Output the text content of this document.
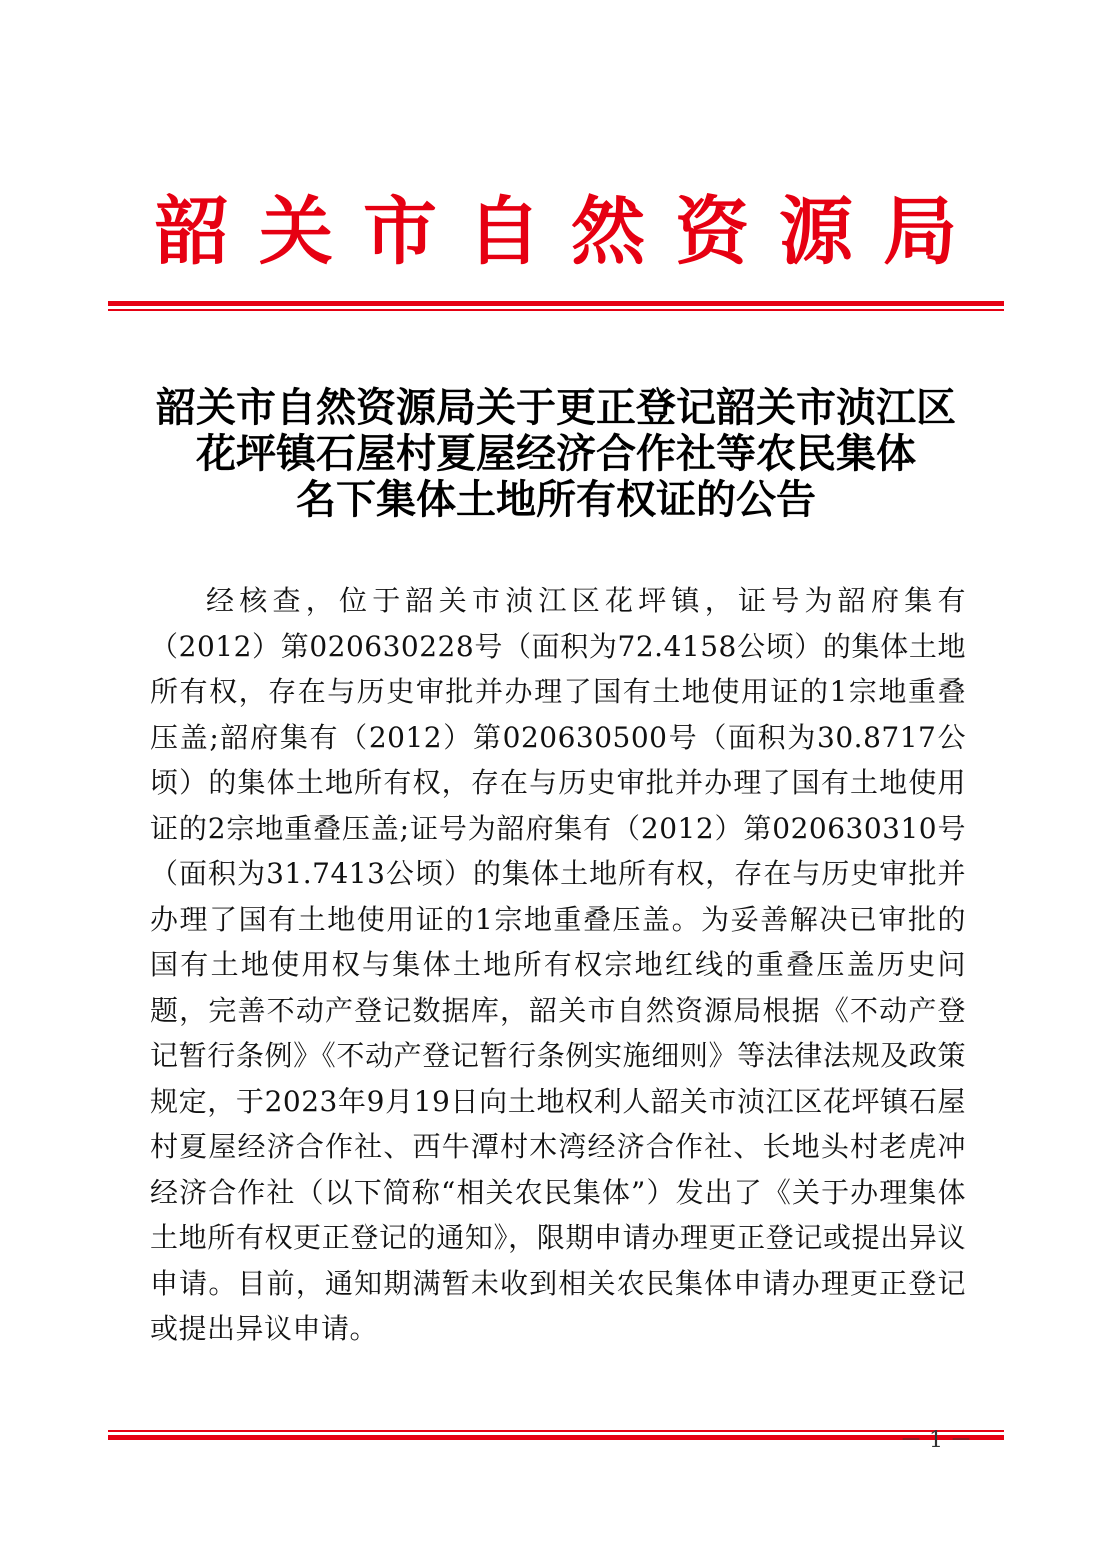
韶关市自然资源局
韶关市自然资源局关于更正登记韶关市浈江区
花坪镇石屋村夏屋经济合作社等农民集体
名下集体土地所有权证的公告

经核查，位于韶关市浈江区花坪镇，证号为韶府集有（2012）第020630228号（面积为72.4158公顷）的集体土地所有权，存在与历史审批并办理了国有土地使用证的1宗地重叠压盖;韶府集有（2012）第020630500号（面积为30.8717公顷）的集体土地所有权，存在与历史审批并办理了国有土地使用证的2宗地重叠压盖;证号为韶府集有（2012）第020630310号（面积为31.7413公顷）的集体土地所有权，存在与历史审批并办理了国有土地使用证的1宗地重叠压盖。为妥善解决已审批的国有土地使用权与集体土地所有权宗地红线的重叠压盖历史问题，完善不动产登记数据库，韶关市自然资源局根据《不动产登记暂行条例》《不动产登记暂行条例实施细则》等法律法规及政策规定，于2023年9月19日向土地权利人韶关市浈江区花坪镇石屋村夏屋经济合作社、西牛潭村木湾经济合作社、长地头村老虎冲经济合作社（以下简称“相关农民集体”）发出了《关于办理集体土地所有权更正登记的通知》，限期申请办理更正登记或提出异议申请。目前，通知期满暂未收到相关农民集体申请办理更正登记或提出异议申请。

－ 1 －
